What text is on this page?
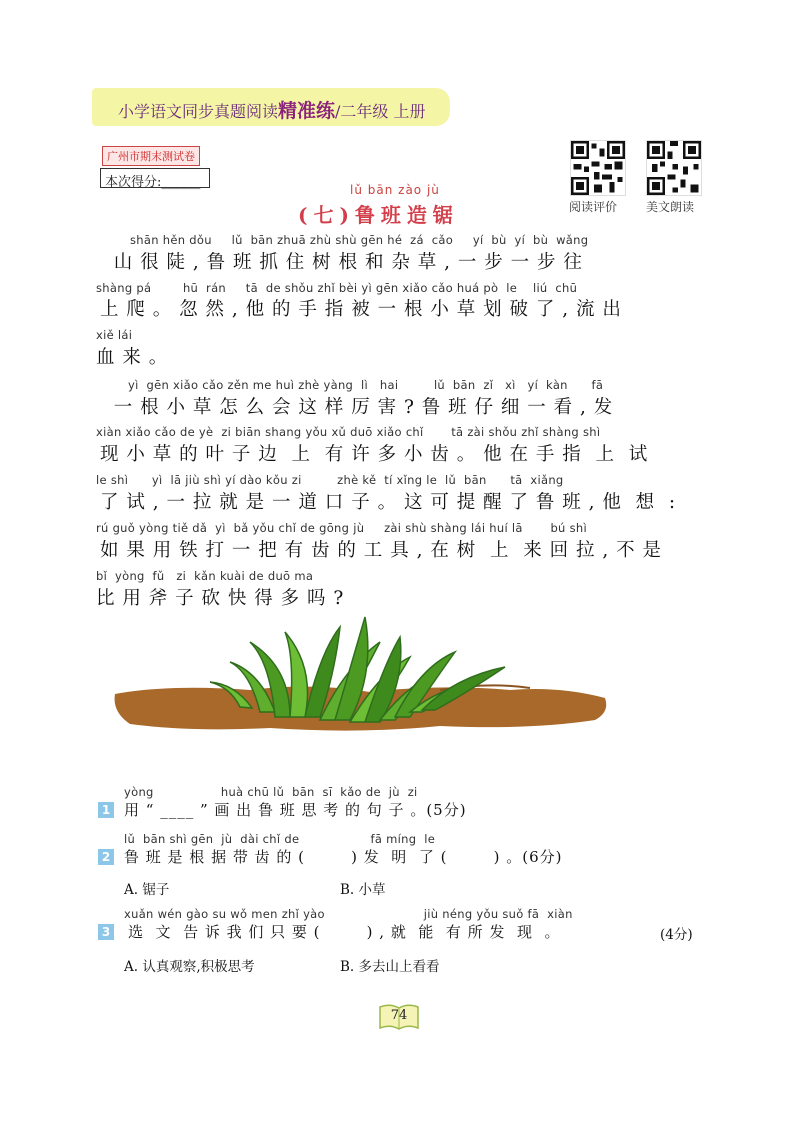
小学语文同步真题阅读精准练/二年级 上册
广州市期末测试卷
本次得分:______
阅读评价 美文朗读
lǔ bān zào jù
(七)鲁班造锯
shān hěn dǒu     lǔ  bān zhuā zhù shù gēn hé  zá  cǎo     yí  bù  yí  bù  wǎng
山 很 陡 , 鲁 班 抓 住 树 根 和 杂 草 , 一 步 一 步 往
shàng pá        hū  rán     tā  de shǒu zhǐ bèi yì gēn xiǎo cǎo huá pò  le    liú  chū
上 爬 。 忽 然 , 他 的 手 指 被 一 根 小 草 划 破 了 , 流 出
xiě lái
血 来 。
yì  gēn xiǎo cǎo zěn me huì zhè yàng  lì   hai         lǔ  bān  zǐ   xì   yí  kàn      fā
一 根 小 草 怎 么 会 这 样 厉 害 ? 鲁 班 仔 细 一 看 , 发
xiàn xiǎo cǎo de yè  zi biān shang yǒu xǔ duō xiǎo chǐ       tā zài shǒu zhǐ shàng shì
现 小 草 的 叶 子 边  上  有 许 多 小 齿 。 他 在 手 指  上  试
le shì      yì  lā jiù shì yí dào kǒu zi         zhè kě  tí xǐng le  lǔ  bān      tā  xiǎng
了 试 , 一 拉 就 是 一 道 口 子 。 这 可 提 醒 了 鲁 班 , 他  想  :
rú guǒ yòng tiě dǎ  yì  bǎ yǒu chǐ de gōng jù     zài shù shàng lái huí lā       bú shì
如 果 用 铁 打 一 把 有 齿 的 工 具 , 在 树  上  来 回 拉 , 不 是
bǐ  yòng  fǔ   zi  kǎn kuài de duō ma
比 用 斧 子 砍 快 得 多 吗 ?
yòng                 huà chū lǔ  bān  sī  kǎo de  jù  zi
1 用 “ ____ ” 画 出 鲁 班 思 考 的 句 子 。(5分)
lǔ  bān shì gēn  jù  dài chǐ de                  fā míng  le
2 鲁 班 是 根 据 带 齿 的 (        ) 发  明  了 (        ) 。(6分)
A. 锯子	B. 小草
xuǎn wén gào su wǒ men zhǐ yào                         jiù néng yǒu suǒ fā  xiàn
3 选  文  告 诉 我 们 只 要 (        ) , 就  能  有 所 发  现  。	(4分)
A. 认真观察,积极思考	B. 多去山上看看
74
